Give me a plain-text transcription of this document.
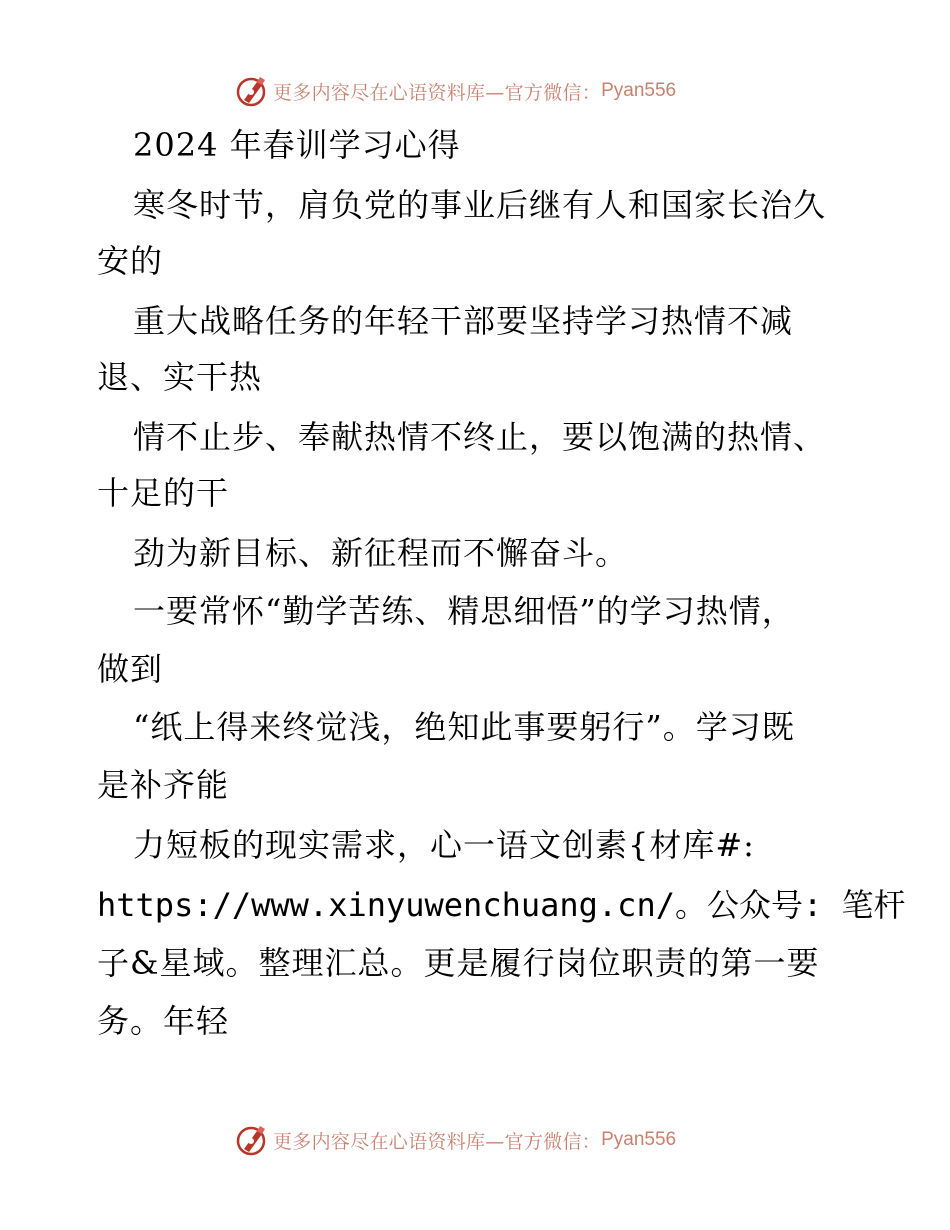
更多内容尽在心语资料库—官方微信： Pyan556
2024 年春训学习心得
寒冬时节，肩负党的事业后继有人和国家长治久
安的
重大战略任务的年轻干部要坚持学习热情不减
退、实干热
情不止步、奉献热情不终止，要以饱满的热情、
十足的干
劲为新目标、新征程而不懈奋斗。
一要常怀“勤学苦练、精思细悟”的学习热情，
做到
“纸上得来终觉浅，绝知此事要躬行”。学习既
是补齐能
力短板的现实需求，心一语文创素{材库#:
https://www.xinyuwenchuang.cn/。公众号: 笔杆
子&星域。整理汇总。更是履行岗位职责的第一要
务。年轻
更多内容尽在心语资料库—官方微信： Pyan556
